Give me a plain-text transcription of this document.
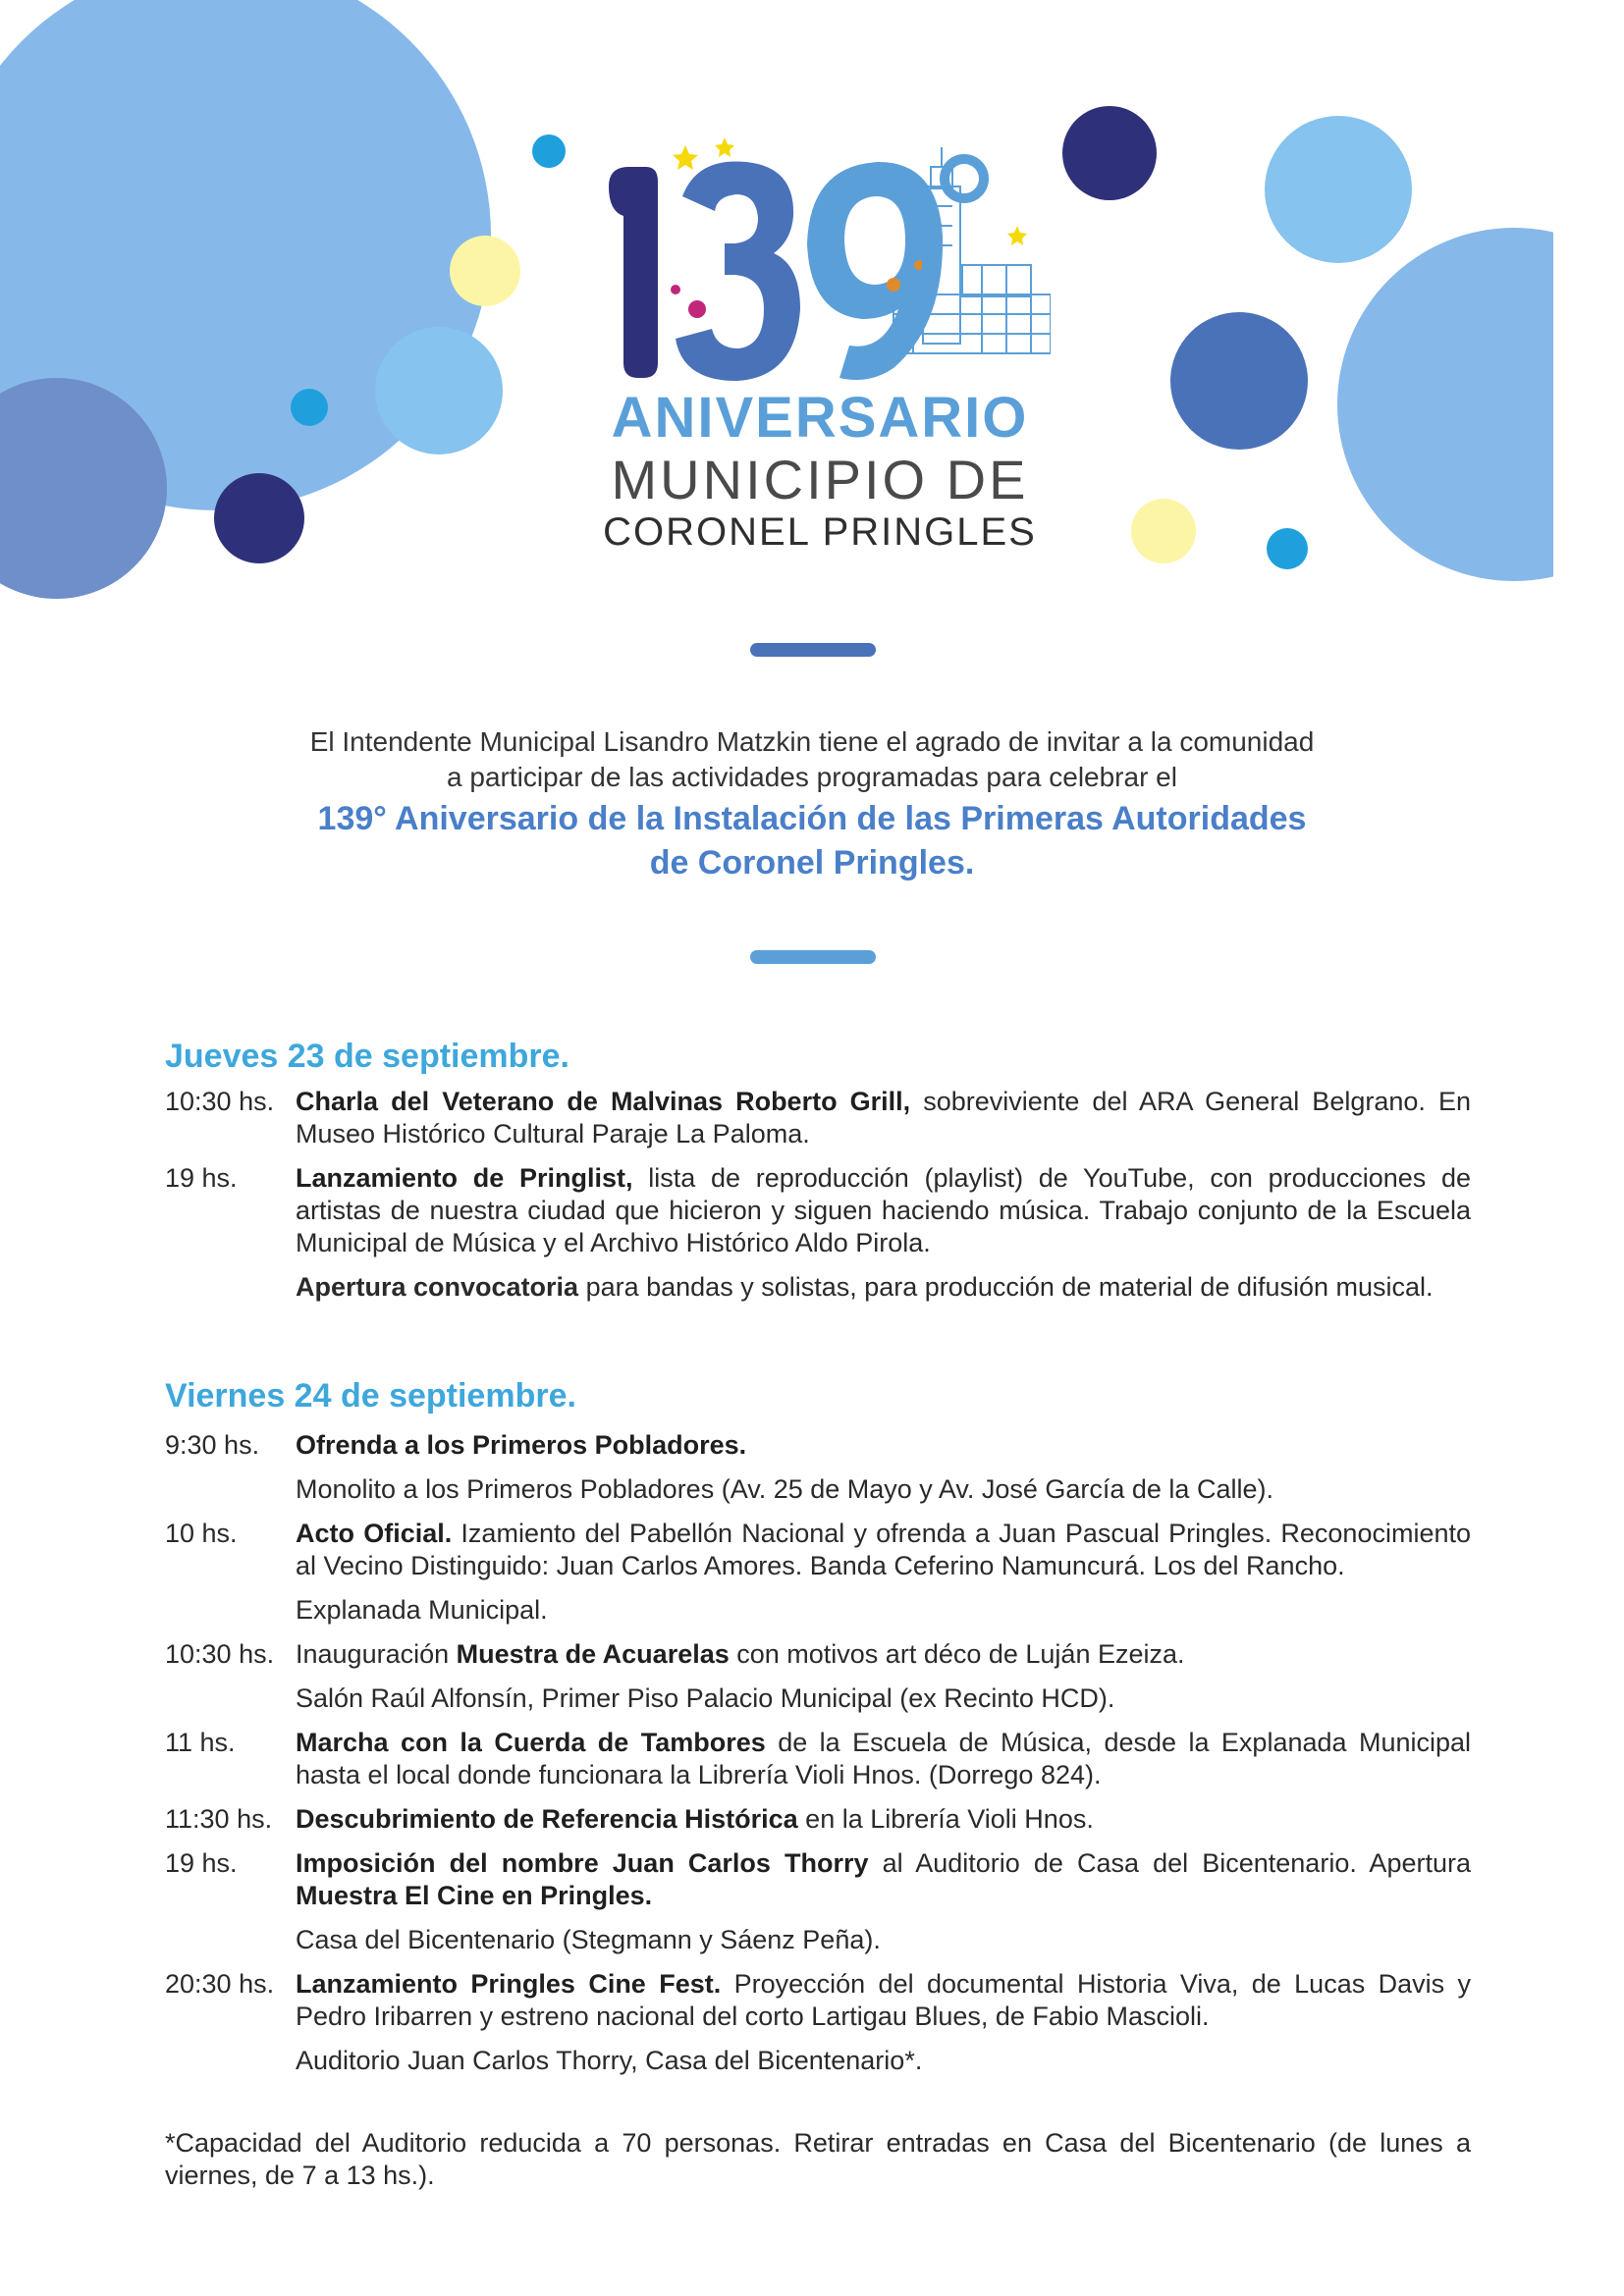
ANIVERSARIO
MUNICIPIO DE
CORONEL PRINGLES
El Intendente Municipal Lisandro Matzkin tiene el agrado de invitar a la comunidad
a participar de las actividades programadas para celebrar el
139° Aniversario de la Instalación de las Primeras Autoridades
de Coronel Pringles.
Jueves 23 de septiembre.
10:30 hs. Charla del Veterano de Malvinas Roberto Grill, sobreviviente del ARA General Belgrano. En Museo Histórico Cultural Paraje La Paloma.
19 hs.	Lanzamiento de Pringlist, lista de reproducción (playlist) de YouTube, con producciones de artistas de nuestra ciudad que hicieron y siguen haciendo música. Trabajo conjunto de la Escuela Municipal de Música y el Archivo Histórico Aldo Pirola.
Apertura convocatoria para bandas y solistas, para producción de material de difusión musical.
Viernes 24 de septiembre.
9:30 hs.	Ofrenda a los Primeros Pobladores.
Monolito a los Primeros Pobladores (Av. 25 de Mayo y Av. José García de la Calle).
10 hs.	Acto Oficial. Izamiento del Pabellón Nacional y ofrenda a Juan Pascual Pringles. Reconocimiento al Vecino Distinguido: Juan Carlos Amores. Banda Ceferino Namuncurá. Los del Rancho.
Explanada Municipal.
10:30 hs. Inauguración Muestra de Acuarelas con motivos art déco de Luján Ezeiza.
Salón Raúl Alfonsín, Primer Piso Palacio Municipal (ex Recinto HCD).
11 hs.	Marcha con la Cuerda de Tambores de la Escuela de Música, desde la Explanada Municipal hasta el local donde funcionara la Librería Violi Hnos. (Dorrego 824).
11:30 hs. Descubrimiento de Referencia Histórica en la Librería Violi Hnos.
19 hs.	Imposición del nombre Juan Carlos Thorry al Auditorio de Casa del Bicentenario. Apertura Muestra El Cine en Pringles.
Casa del Bicentenario (Stegmann y Sáenz Peña).
20:30 hs. Lanzamiento Pringles Cine Fest. Proyección del documental Historia Viva, de Lucas Davis y Pedro Iribarren y estreno nacional del corto Lartigau Blues, de Fabio Mascioli.
Auditorio Juan Carlos Thorry, Casa del Bicentenario*.
*Capacidad del Auditorio reducida a 70 personas. Retirar entradas en Casa del Bicentenario (de lunes a viernes, de 7 a 13 hs.).
